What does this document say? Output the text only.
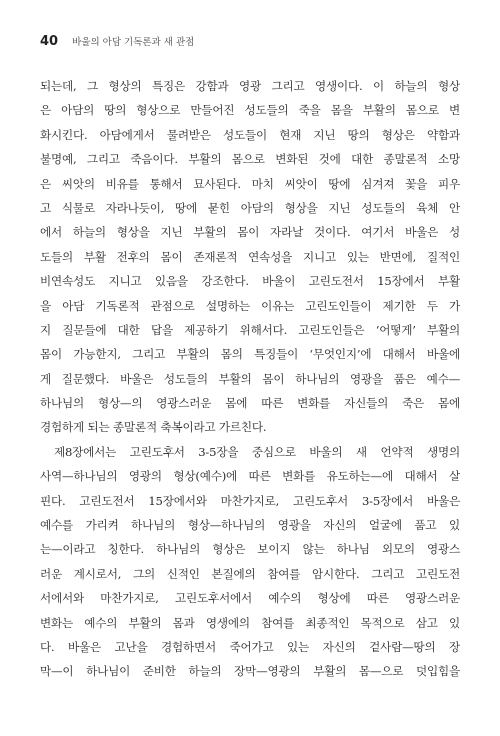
40 바울의 아담 기독론과 새 관점
되는데, 그 형상의 특징은 강함과 영광 그리고 영생이다. 이 하늘의 형상
은 아담의 땅의 형상으로 만들어진 성도들의 죽을 몸을 부활의 몸으로 변
화시킨다. 아담에게서 물려받은 성도들이 현재 지닌 땅의 형상은 약함과
불명예, 그리고 죽음이다. 부활의 몸으로 변화된 것에 대한 종말론적 소망
은 씨앗의 비유를 통해서 묘사된다. 마치 씨앗이 땅에 심겨져 꽃을 피우
고 식물로 자라나듯이, 땅에 묻힌 아담의 형상을 지닌 성도들의 육체 안
에서 하늘의 형상을 지닌 부활의 몸이 자라날 것이다. 여기서 바울은 성
도들의 부활 전후의 몸이 존재론적 연속성을 지니고 있는 반면에, 질적인
비연속성도 지니고 있음을 강조한다. 바울이 고린도전서 15장에서 부활
을 아담 기독론적 관점으로 설명하는 이유는 고린도인들이 제기한 두 가
지 질문들에 대한 답을 제공하기 위해서다. 고린도인들은 ‘어떻게’ 부활의
몸이 가능한지, 그리고 부활의 몸의 특징들이 ‘무엇인지’에 대해서 바울에
게 질문했다. 바울은 성도들의 부활의 몸이 하나님의 영광을 품은 예수—
하나님의 형상—의 영광스러운 몸에 따른 변화를 자신들의 죽은 몸에
경험하게 되는 종말론적 축복이라고 가르친다.
제8장에서는 고린도후서 3-5장을 중심으로 바울의 새 언약적 생명의
사역—하나님의 영광의 형상(예수)에 따른 변화를 유도하는—에 대해서 살
핀다. 고린도전서 15장에서와 마찬가지로, 고린도후서 3-5장에서 바울은
예수를 가리켜 하나님의 형상—하나님의 영광을 자신의 얼굴에 품고 있
는—이라고 칭한다. 하나님의 형상은 보이지 않는 하나님 외모의 영광스
러운 계시로서, 그의 신적인 본질에의 참여를 암시한다. 그리고 고린도전
서에서와 마찬가지로, 고린도후서에서 예수의 형상에 따른 영광스러운
변화는 예수의 부활의 몸과 영생에의 참여를 최종적인 목적으로 삼고 있
다. 바울은 고난을 경험하면서 죽어가고 있는 자신의 겉사람—땅의 장
막—이 하나님이 준비한 하늘의 장막—영광의 부활의 몸—으로 덧입힘을
